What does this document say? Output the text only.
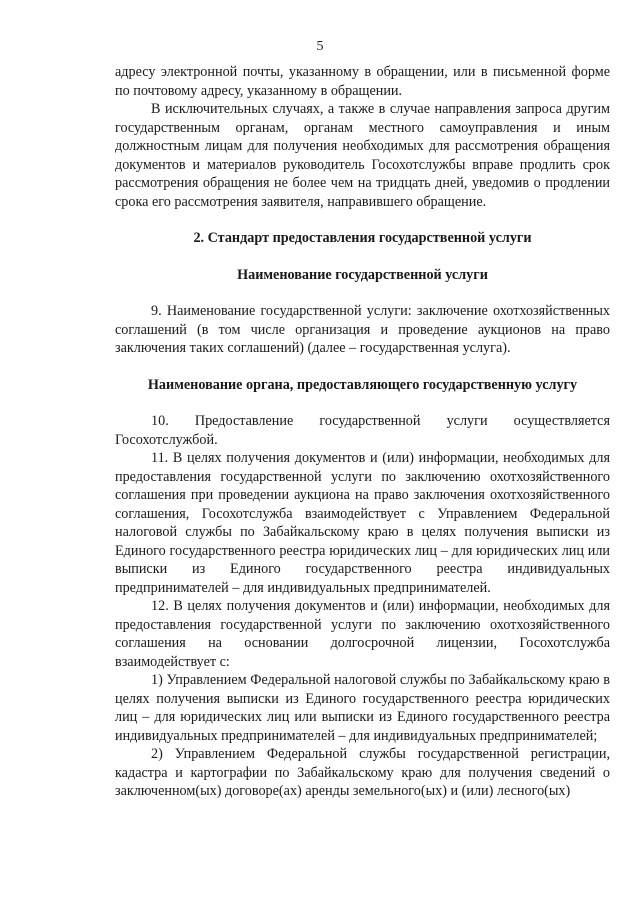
5

адресу электронной почты, указанному в обращении, или в письменной форме по почтовому адресу, указанному в обращении.

В исключительных случаях, а также в случае направления запроса другим государственным органам, органам местного самоуправления и иным должностным лицам для получения необходимых для рассмотрения обращения документов и материалов руководитель Госохотслужбы вправе продлить срок рассмотрения обращения не более чем на тридцать дней, уведомив о продлении срока его рассмотрения заявителя, направившего обращение.

2. Стандарт предоставления государственной услуги

Наименование государственной услуги

9. Наименование государственной услуги: заключение охотхозяйственных соглашений (в том числе организация и проведение аукционов на право заключения таких соглашений) (далее – государственная услуга).

Наименование органа, предоставляющего государственную услугу

10. Предоставление государственной услуги осуществляется Госохотслужбой.

11. В целях получения документов и (или) информации, необходимых для предоставления государственной услуги по заключению охотхозяйственного соглашения при проведении аукциона на право заключения охотхозяйственного соглашения, Госохотслужба взаимодействует с Управлением Федеральной налоговой службы по Забайкальскому краю в целях получения выписки из Единого государственного реестра юридических лиц – для юридических лиц или выписки из Единого государственного реестра индивидуальных предпринимателей – для индивидуальных предпринимателей.

12. В целях получения документов и (или) информации, необходимых для предоставления государственной услуги по заключению охотхозяйственного соглашения на основании долгосрочной лицензии, Госохотслужба взаимодействует с:

1) Управлением Федеральной налоговой службы по Забайкальскому краю в целях получения выписки из Единого государственного реестра юридических лиц – для юридических лиц или выписки из Единого государственного реестра индивидуальных предпринимателей – для индивидуальных предпринимателей;

2) Управлением Федеральной службы государственной регистрации, кадастра и картографии по Забайкальскому краю для получения сведений о заключенном(ых) договоре(ах) аренды земельного(ых) и (или) лесного(ых)
